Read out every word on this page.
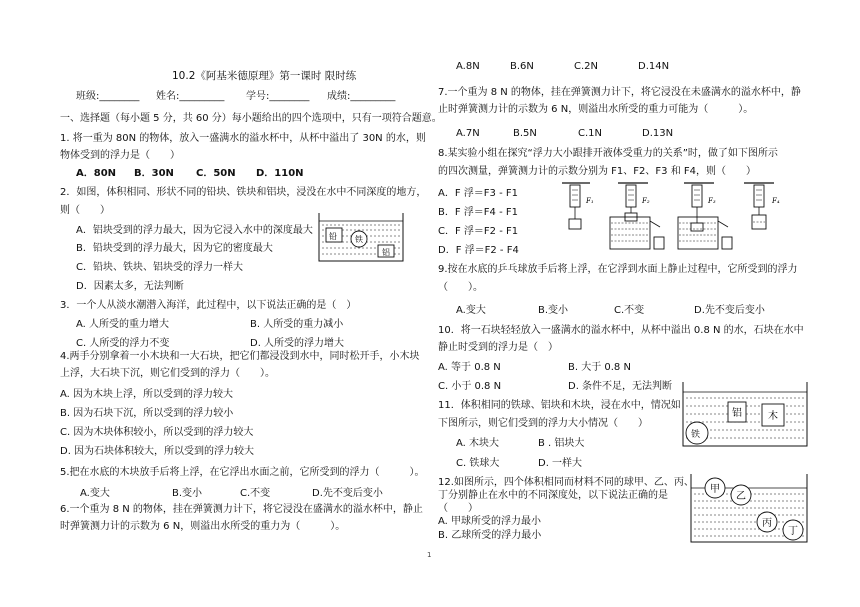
10.2《阿基米德原理》第一课时 限时练
班级:________ 姓名:_________ 学号:________ 成绩:_________
一、选择题（每小题 5 分，共 60 分）每小题给出的四个选项中，只有一项符合题意。
1. 将一重为 80N 的物体，放入一盛满水的溢水杯中，从杯中溢出了 30N 的水，则
物体受到的浮力是（　　）
A．80N B．30N C．50N D．110N
2．如图，体积相同、形状不同的铅块、铁块和铝块，浸没在水中不同深度的地方，
则（　　）
A．铝块受到的浮力最大，因为它浸入水中的深度最大
B．铅块受到的浮力最大，因为它的密度最大
C．铅块、铁块、铝块受的浮力一样大
D．因素太多，无法判断
铅 铁
铝
3．一个人从淡水潮潜入海洋，此过程中，以下说法正确的是（　）
A. 人所受的重力增大	B. 人所受的重力减小
C. 人所受的浮力不变	D. 人所受的浮力增大
4.两手分别拿着一小木块和一大石块，把它们都浸没到水中，同时松开手，小木块
上浮，大石块下沉，则它们受到的浮力（　　）。
A. 因为木块上浮，所以受到的浮力较大
B. 因为石块下沉，所以受到的浮力较小
C. 因为木块体积较小，所以受到的浮力较大
D. 因为石块体积较大，所以受到的浮力较大
5.把在水底的木块放手后将上浮，在它浮出水面之前，它所受到的浮力（　　　）。
A.变大	B.变小	C.不变	D.先不变后变小
6.一个重为 8 N 的物体，挂在弹簧测力计下，将它浸没在盛满水的溢水杯中，静止
时弹簧测力计的示数为 6 N，则溢出水所受的重力为（　　　）。
A.8N	B.6N	C.2N	D.14N
7.一个重为 8 N 的物体，挂在弹簧测力计下，将它浸没在未盛满水的溢水杯中，静
止时弹簧测力计的示数为 6 N，则溢出水所受的重力可能为（　　　）。
A.7N	B.5N	C.1N	D.13N
8.某实验小组在探究“浮力大小跟排开液体受重力的关系”时，做了如下图所示
的四次测量，弹簧测力计的示数分别为 F1、F2、F3 和 F4，则（　　）
A．F 浮＝F3 - F1
B．F 浮＝F4 - F1
C．F 浮＝F2 - F1
D．F 浮＝F2 - F4
F₁	F₂	F₃	F₄
9.按在水底的乒乓球放手后将上浮，在它浮到水面上静止过程中，它所受到的浮力
（　　）。
A.变大	B.变小	C.不变	D.先不变后变小
10．将一石块轻轻放入一盛满水的溢水杯中，从杯中溢出 0.8 N 的水，石块在水中
静止时受到的浮力是（　）
A. 等于 0.8 N	B. 大于 0.8 N
C. 小于 0.8 N	D. 条件不足，无法判断
11．体积相同的铁球、铝块和木块，浸在水中，情况如
下图所示，则它们受到的浮力大小情况（　　）
A. 木块大	B . 铝块大
C. 铁球大	D. 一样大
铝	木
铁
12.如图所示，四个体积相同而材料不同的球甲、乙、丙、
丁分别静止在水中的不同深度处，以下说法正确的是
（　　）
A. 甲球所受的浮力最小
B. 乙球所受的浮力最小
甲
乙
丙
丁
1
